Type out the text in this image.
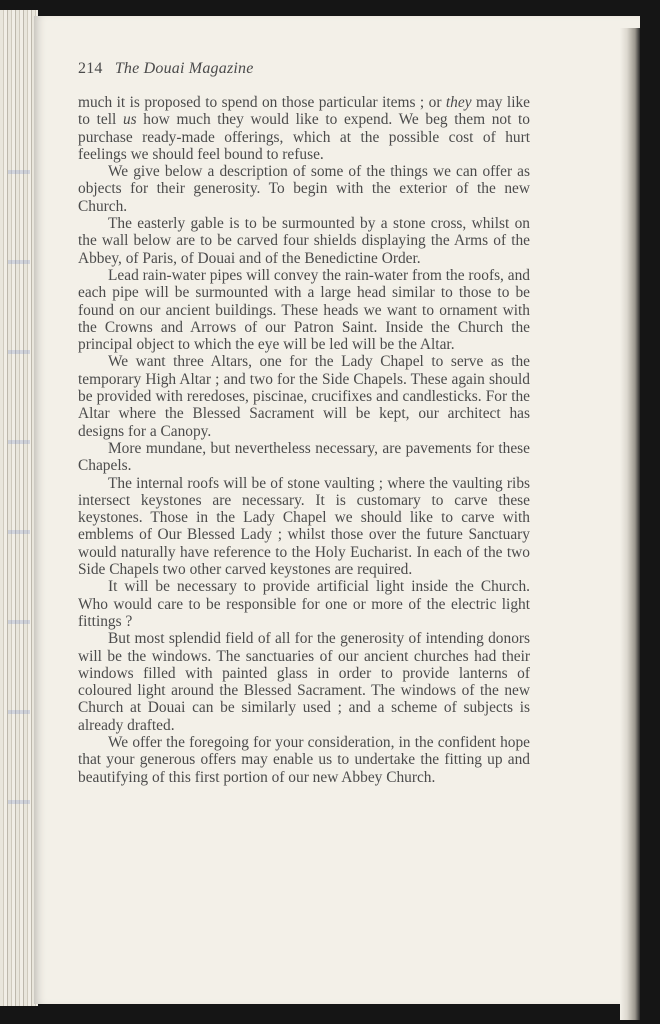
214 The Douai Magazine

much it is proposed to spend on those particular items ; or they may like to tell us how much they would like to expend. We beg them not to purchase ready-made offerings, which at the possible cost of hurt feelings we should feel bound to refuse.

We give below a description of some of the things we can offer as objects for their generosity. To begin with the exterior of the new Church.

The easterly gable is to be surmounted by a stone cross, whilst on the wall below are to be carved four shields displaying the Arms of the Abbey, of Paris, of Douai and of the Benedictine Order.

Lead rain-water pipes will convey the rain-water from the roofs, and each pipe will be surmounted with a large head similar to those to be found on our ancient buildings. These heads we want to ornament with the Crowns and Arrows of our Patron Saint. Inside the Church the principal object to which the eye will be led will be the Altar.

We want three Altars, one for the Lady Chapel to serve as the temporary High Altar ; and two for the Side Chapels. These again should be provided with reredoses, piscinae, crucifixes and candlesticks. For the Altar where the Blessed Sacrament will be kept, our architect has designs for a Canopy.

More mundane, but nevertheless necessary, are pavements for these Chapels.

The internal roofs will be of stone vaulting ; where the vaulting ribs intersect keystones are necessary. It is customary to carve these keystones. Those in the Lady Chapel we should like to carve with emblems of Our Blessed Lady ; whilst those over the future Sanctuary would naturally have reference to the Holy Eucharist. In each of the two Side Chapels two other carved keystones are required.

It will be necessary to provide artificial light inside the Church. Who would care to be responsible for one or more of the electric light fittings ?

But most splendid field of all for the generosity of intending donors will be the windows. The sanctuaries of our ancient churches had their windows filled with painted glass in order to provide lanterns of coloured light around the Blessed Sacrament. The windows of the new Church at Douai can be similarly used ; and a scheme of subjects is already drafted.

We offer the foregoing for your consideration, in the confident hope that your generous offers may enable us to undertake the fitting up and beautifying of this first portion of our new Abbey Church.
